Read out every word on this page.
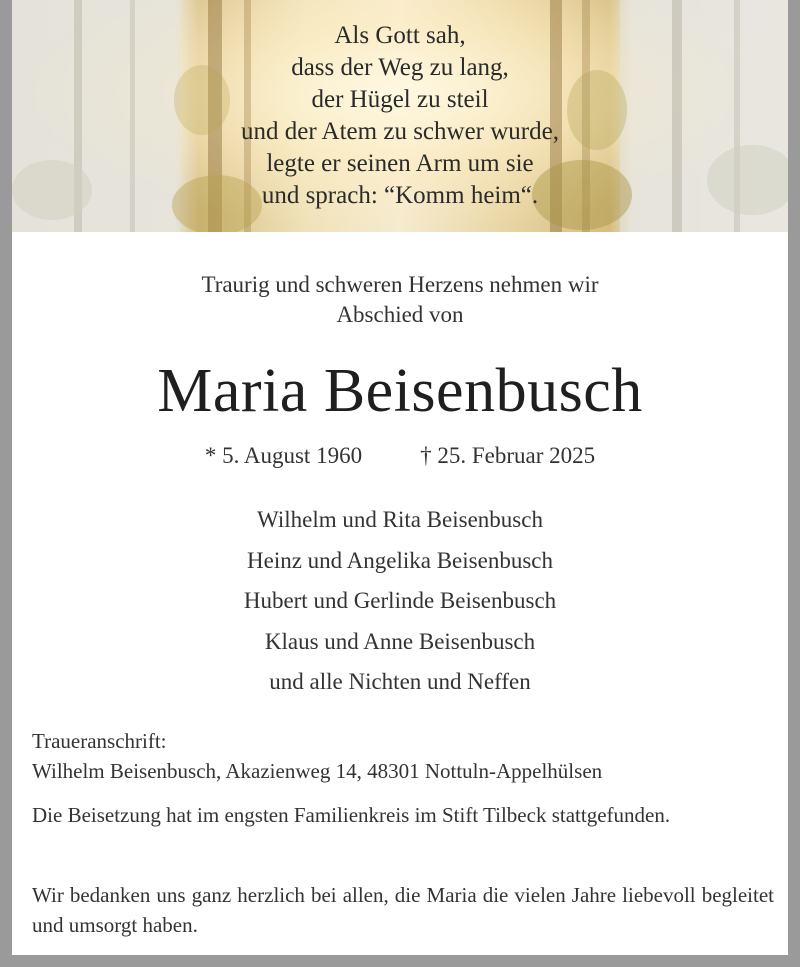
Als Gott sah,
dass der Weg zu lang,
der Hügel zu steil
und der Atem zu schwer wurde,
legte er seinen Arm um sie
und sprach: “Komm heim“.
Traurig und schweren Herzens nehmen wir
Abschied von
Maria Beisenbusch
* 5. August 1960	† 25. Februar 2025
Wilhelm und Rita Beisenbusch
Heinz und Angelika Beisenbusch
Hubert und Gerlinde Beisenbusch
Klaus und Anne Beisenbusch
und alle Nichten und Neffen
Traueranschrift:
Wilhelm Beisenbusch, Akazienweg 14, 48301 Nottuln-Appelhülsen

Die Beisetzung hat im engsten Familienkreis im Stift Tilbeck stattgefunden.

Wir bedanken uns ganz herzlich bei allen, die Maria die vielen Jahre liebevoll begleitet und umsorgt haben.
